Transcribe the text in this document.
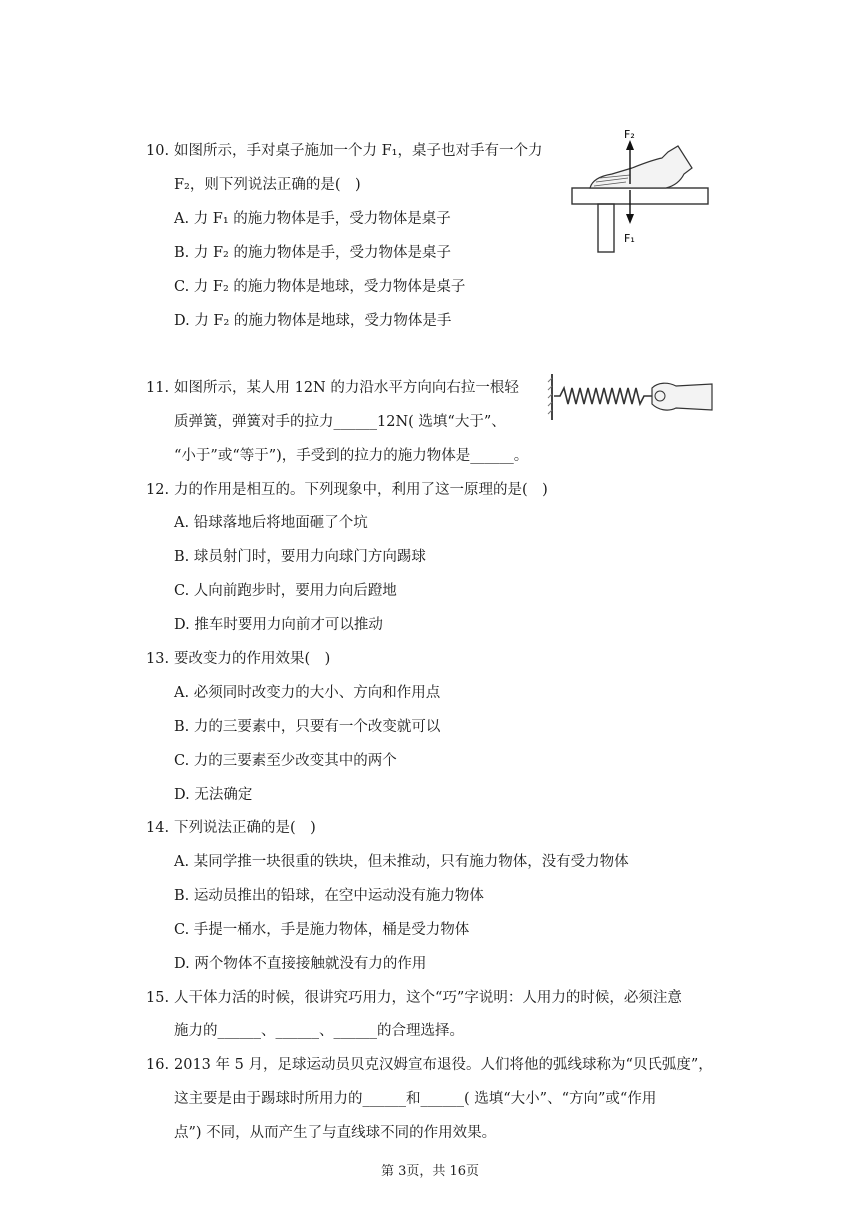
10. 如图所示，手对桌子施加一个力 F₁，桌子也对手有一个力
F₂，则下列说法正确的是(　)
A. 力 F₁ 的施力物体是手，受力物体是桌子
B. 力 F₂ 的施力物体是手，受力物体是桌子
C. 力 F₂ 的施力物体是地球，受力物体是桌子
D. 力 F₂ 的施力物体是地球，受力物体是手
F₂
F₁
11. 如图所示，某人用 12N 的力沿水平方向向右拉一根轻
质弹簧，弹簧对手的拉力______12N( 选填“大于”、
“小于”或“等于”)，手受到的拉力的施力物体是______。
12. 力的作用是相互的。下列现象中，利用了这一原理的是(　)
A. 铅球落地后将地面砸了个坑
B. 球员射门时，要用力向球门方向踢球
C. 人向前跑步时，要用力向后蹬地
D. 推车时要用力向前才可以推动
13. 要改变力的作用效果(　)
A. 必须同时改变力的大小、方向和作用点
B. 力的三要素中，只要有一个改变就可以
C. 力的三要素至少改变其中的两个
D. 无法确定
14. 下列说法正确的是(　)
A. 某同学推一块很重的铁块，但未推动，只有施力物体，没有受力物体
B. 运动员推出的铅球，在空中运动没有施力物体
C. 手提一桶水，手是施力物体，桶是受力物体
D. 两个物体不直接接触就没有力的作用
15. 人干体力活的时候，很讲究巧用力，这个“巧”字说明：人用力的时候，必须注意
施力的______、______、______的合理选择。
16. 2013 年 5 月，足球运动员贝克汉姆宣布退役。人们将他的弧线球称为“贝氏弧度”，
这主要是由于踢球时所用力的______和______( 选填“大小”、“方向”或“作用
点”) 不同，从而产生了与直线球不同的作用效果。
第 3页，共 16页
